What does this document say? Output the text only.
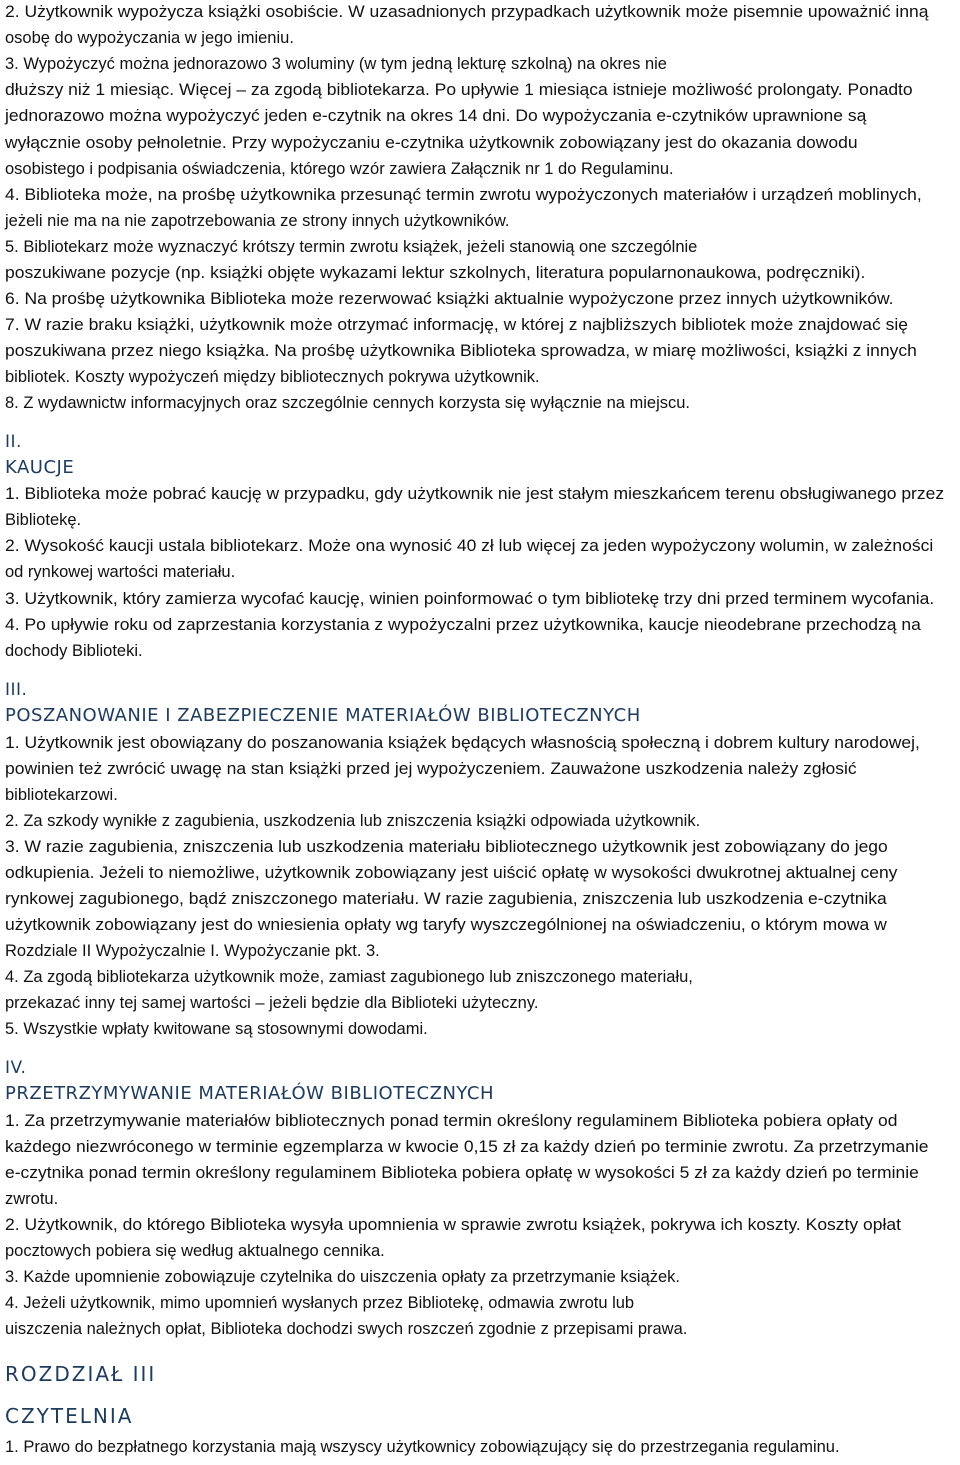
2. Użytkownik wypożycza książki osobiście. W uzasadnionych przypadkach użytkownik może pisemnie upoważnić inną
osobę do wypożyczania w jego imieniu.
3. Wypożyczyć można jednorazowo 3 woluminy (w tym jedną lekturę szkolną) na okres nie
dłuższy niż 1 miesiąc. Więcej – za zgodą bibliotekarza. Po upływie 1 miesiąca istnieje możliwość prolongaty. Ponadto
jednorazowo można wypożyczyć jeden e-czytnik na okres 14 dni. Do wypożyczania e-czytników uprawnione są
wyłącznie osoby pełnoletnie. Przy wypożyczaniu e-czytnika użytkownik zobowiązany jest do okazania dowodu
osobistego i podpisania oświadczenia, którego wzór zawiera Załącznik nr 1 do Regulaminu.
4. Biblioteka może, na prośbę użytkownika przesunąć termin zwrotu wypożyczonych materiałów i urządzeń moblinych,
jeżeli nie ma na nie zapotrzebowania ze strony innych użytkowników.
5. Bibliotekarz może wyznaczyć krótszy termin zwrotu książek, jeżeli stanowią one szczególnie
poszukiwane pozycje (np. książki objęte wykazami lektur szkolnych, literatura popularnonaukowa, podręczniki).
6. Na prośbę użytkownika Biblioteka może rezerwować książki aktualnie wypożyczone przez innych użytkowników.
7. W razie braku książki, użytkownik może otrzymać informację, w której z najbliższych bibliotek może znajdować się
poszukiwana przez niego książka. Na prośbę użytkownika Biblioteka sprowadza, w miarę możliwości, książki z innych
bibliotek. Koszty wypożyczeń między bibliotecznych pokrywa użytkownik.
8. Z wydawnictw informacyjnych oraz szczególnie cennych korzysta się wyłącznie na miejscu.
II.
KAUCJE
1. Biblioteka może pobrać kaucję w przypadku, gdy użytkownik nie jest stałym mieszkańcem terenu obsługiwanego przez
Bibliotekę.
2. Wysokość kaucji ustala bibliotekarz. Może ona wynosić 40 zł lub więcej za jeden wypożyczony wolumin, w zależności
od rynkowej wartości materiału.
3. Użytkownik, który zamierza wycofać kaucję, winien poinformować o tym bibliotekę trzy dni przed terminem wycofania.
4. Po upływie roku od zaprzestania korzystania z wypożyczalni przez użytkownika, kaucje nieodebrane przechodzą na
dochody Biblioteki.
III.
POSZANOWANIE I ZABEZPIECZENIE MATERIAŁÓW BIBLIOTECZNYCH
1. Użytkownik jest obowiązany do poszanowania książek będących własnością społeczną i dobrem kultury narodowej,
powinien też zwrócić uwagę na stan książki przed jej wypożyczeniem. Zauważone uszkodzenia należy zgłosić
bibliotekarzowi.
2. Za szkody wynikłe z zagubienia, uszkodzenia lub zniszczenia książki odpowiada użytkownik.
3. W razie zagubienia, zniszczenia lub uszkodzenia materiału bibliotecznego użytkownik jest zobowiązany do jego
odkupienia. Jeżeli to niemożliwe, użytkownik zobowiązany jest uiścić opłatę w wysokości dwukrotnej aktualnej ceny
rynkowej zagubionego, bądź zniszczonego materiału. W razie zagubienia, zniszczenia lub uszkodzenia e-czytnika
użytkownik zobowiązany jest do wniesienia opłaty wg taryfy wyszczególnionej na oświadczeniu, o którym mowa w
Rozdziale II Wypożyczalnie I. Wypożyczanie pkt. 3.
4. Za zgodą bibliotekarza użytkownik może, zamiast zagubionego lub zniszczonego materiału,
przekazać inny tej samej wartości – jeżeli będzie dla Biblioteki użyteczny.
5. Wszystkie wpłaty kwitowane są stosownymi dowodami.
IV.
PRZETRZYMYWANIE MATERIAŁÓW BIBLIOTECZNYCH
1. Za przetrzymywanie materiałów bibliotecznych ponad termin określony regulaminem Biblioteka pobiera opłaty od
każdego niezwróconego w terminie egzemplarza w kwocie 0,15 zł za każdy dzień po terminie zwrotu. Za przetrzymanie
e-czytnika ponad termin określony regulaminem Biblioteka pobiera opłatę w wysokości 5 zł za każdy dzień po terminie
zwrotu.
2. Użytkownik, do którego Biblioteka wysyła upomnienia w sprawie zwrotu książek, pokrywa ich koszty. Koszty opłat
pocztowych pobiera się według aktualnego cennika.
3. Każde upomnienie zobowiązuje czytelnika do uiszczenia opłaty za przetrzymanie książek.
4. Jeżeli użytkownik, mimo upomnień wysłanych przez Bibliotekę, odmawia zwrotu lub
uiszczenia należnych opłat, Biblioteka dochodzi swych roszczeń zgodnie z przepisami prawa.
ROZDZIAŁ III
CZYTELNIA
1. Prawo do bezpłatnego korzystania mają wszyscy użytkownicy zobowiązujący się do przestrzegania regulaminu.
